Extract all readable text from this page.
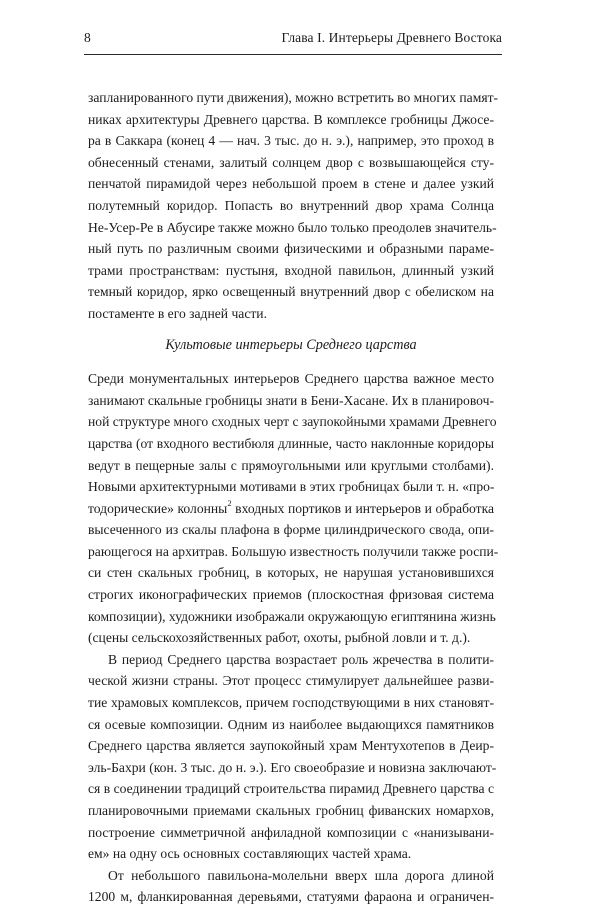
8	Глава I. Интерьеры Древнего Востока
запланированного пути движения), можно встретить во многих памят-
никах архитектуры Древнего царства. В комплексе гробницы Джосе-
ра в Саккара (конец 4 — нач. 3 тыс. до н. э.), например, это проход в
обнесенный стенами, залитый солнцем двор с возвышающейся сту-
пенчатой пирамидой через небольшой проем в стене и далее узкий
полутемный коридор. Попасть во внутренний двор храма Солнца
Не-Усер-Ре в Абусире также можно было только преодолев значитель-
ный путь по различным своими физическими и образными параме-
трами пространствам: пустыня, входной павильон, длинный узкий
темный коридор, ярко освещенный внутренний двор с обелиском на
постаменте в его задней части.
Культовые интерьеры Среднего царства
Среди монументальных интерьеров Среднего царства важное место
занимают скальные гробницы знати в Бени-Хасане. Их в планировоч-
ной структуре много сходных черт с заупокойными храмами Древнего
царства (от входного вестибюля длинные, часто наклонные коридоры
ведут в пещерные залы с прямоугольными или круглыми столбами).
Новыми архитектурными мотивами в этих гробницах были т. н. «про-
тодорические» колонны$^2$ входных портиков и интерьеров и обработка
высеченного из скалы плафона в форме цилиндрического свода, опи-
рающегося на архитрав. Большую известность получили также роспи-
си стен скальных гробниц, в которых, не нарушая установившихся
строгих иконографических приемов (плоскостная фризовая система
композиции), художники изображали окружающую египтянина жизнь
(сцены сельскохозяйственных работ, охоты, рыбной ловли и т. д.).
В период Среднего царства возрастает роль жречества в полити-
ческой жизни страны. Этот процесс стимулирует дальнейшее разви-
тие храмовых комплексов, причем господствующими в них становят-
ся осевые композиции. Одним из наиболее выдающихся памятников
Среднего царства является заупокойный храм Ментухотепов в Деир-
эль-Бахри (кон. 3 тыс. до н. э.). Его своеобразие и новизна заключают-
ся в соединении традиций строительства пирамид Древнего царства с
планировочными приемами скальных гробниц фиванских номархов,
построение симметричной анфиладной композиции с «нанизывани-
ем» на одну ось основных составляющих частей храма.
От небольшого павильона-молельни вверх шла дорога длиной
1200 м, фланкированная деревьями, статуями фараона и ограничен-
